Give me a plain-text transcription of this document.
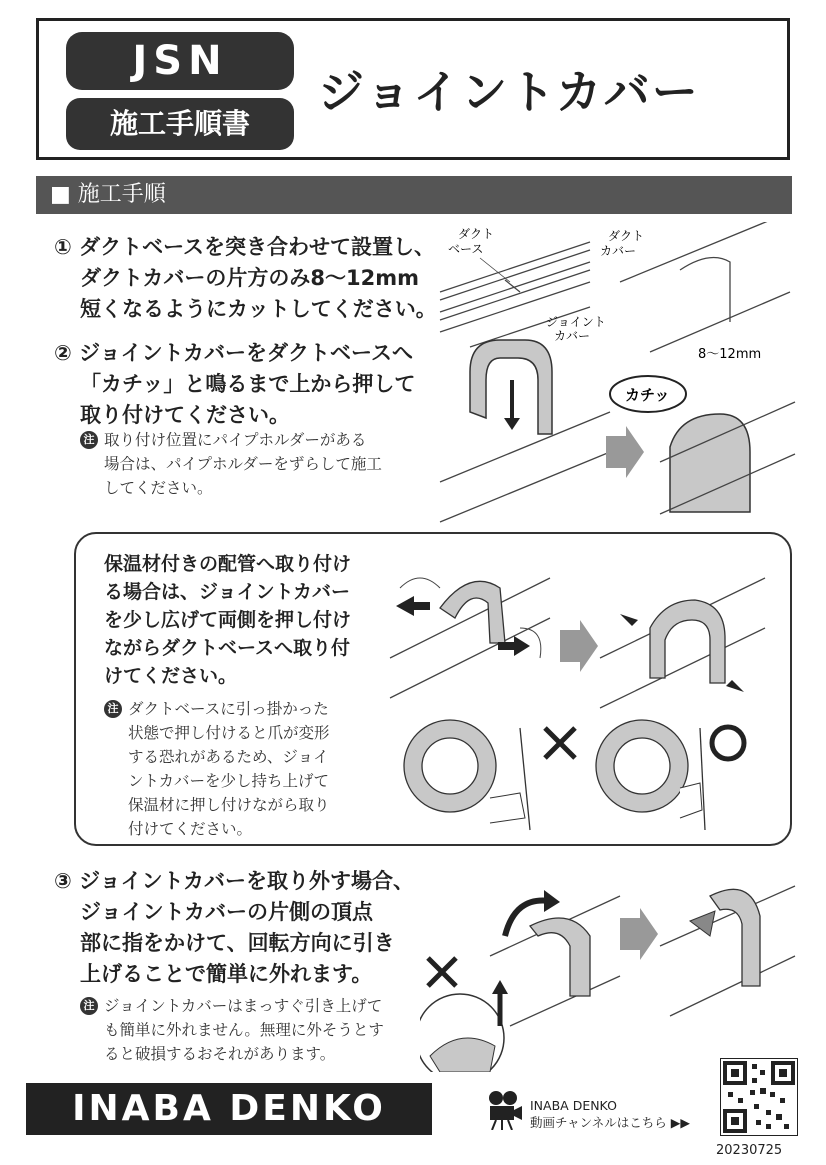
JSN
施工手順書
ジョイントカバー
■ 施工手順
① ダクトベースを突き合わせて設置し、
ダクトカバーの片方のみ8～12mm
短くなるようにカットしてください。
② ジョイントカバーをダクトベースへ
「カチッ」と鳴るまで上から押して
取り付けてください。
注 取り付け位置にパイプホルダーがある
場合は、パイプホルダーをずらして施工
してください。
ダクト
ベース
ジョイント
カバー
ダクト
カバー
8～12mm
カチッ
保温材付きの配管へ取り付け
る場合は、ジョイントカバー
を少し広げて両側を押し付け
ながらダクトベースへ取り付
けてください。
注 ダクトベースに引っ掛かった
状態で押し付けると爪が変形
する恐れがあるため、ジョイ
ントカバーを少し持ち上げて
保温材に押し付けながら取り
付けてください。
③ ジョイントカバーを取り外す場合、
ジョイントカバーの片側の頂点
部に指をかけて、回転方向に引き
上げることで簡単に外れます。
注 ジョイントカバーはまっすぐ引き上げて
も簡単に外れません。無理に外そうとす
ると破損するおそれがあります。
INABA DENKO	INABA DENKO
動画チャンネルはこちら ▶▶
20230725
